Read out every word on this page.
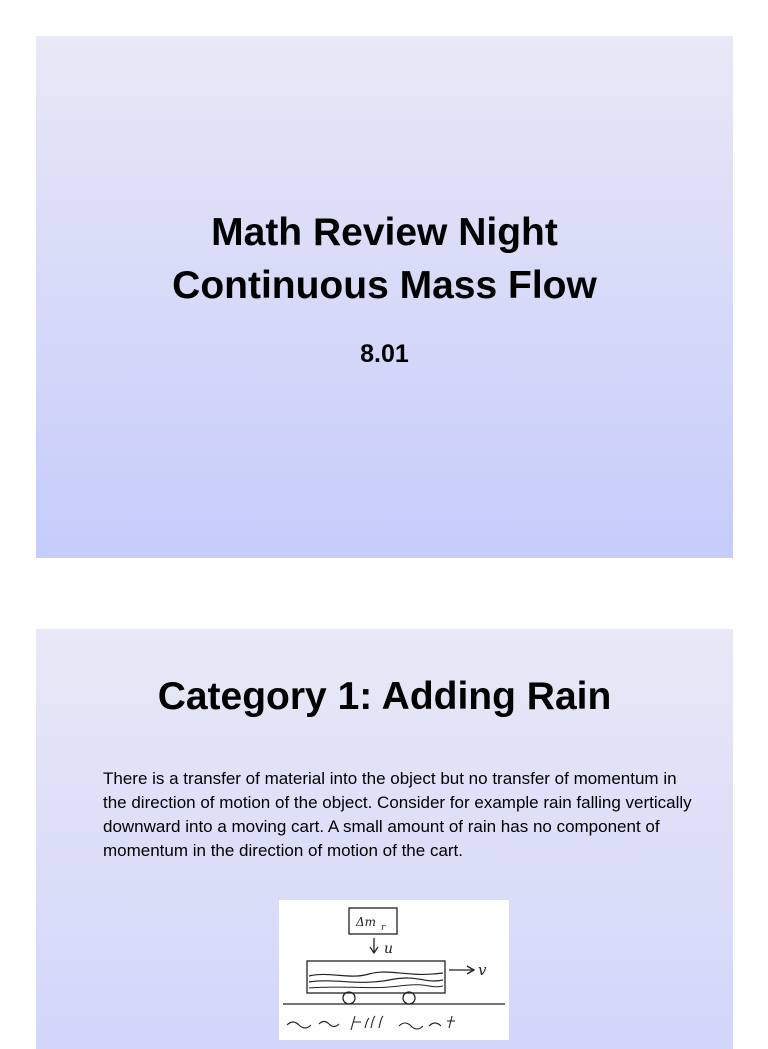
Math Review Night
Continuous Mass Flow

8.01

Category 1: Adding Rain

There is a transfer of material into the object but no transfer of momentum in the direction of motion of the object. Consider for example rain falling vertically downward into a moving cart. A small amount of rain has no component of momentum in the direction of motion of the cart.

Δm r
u
v
